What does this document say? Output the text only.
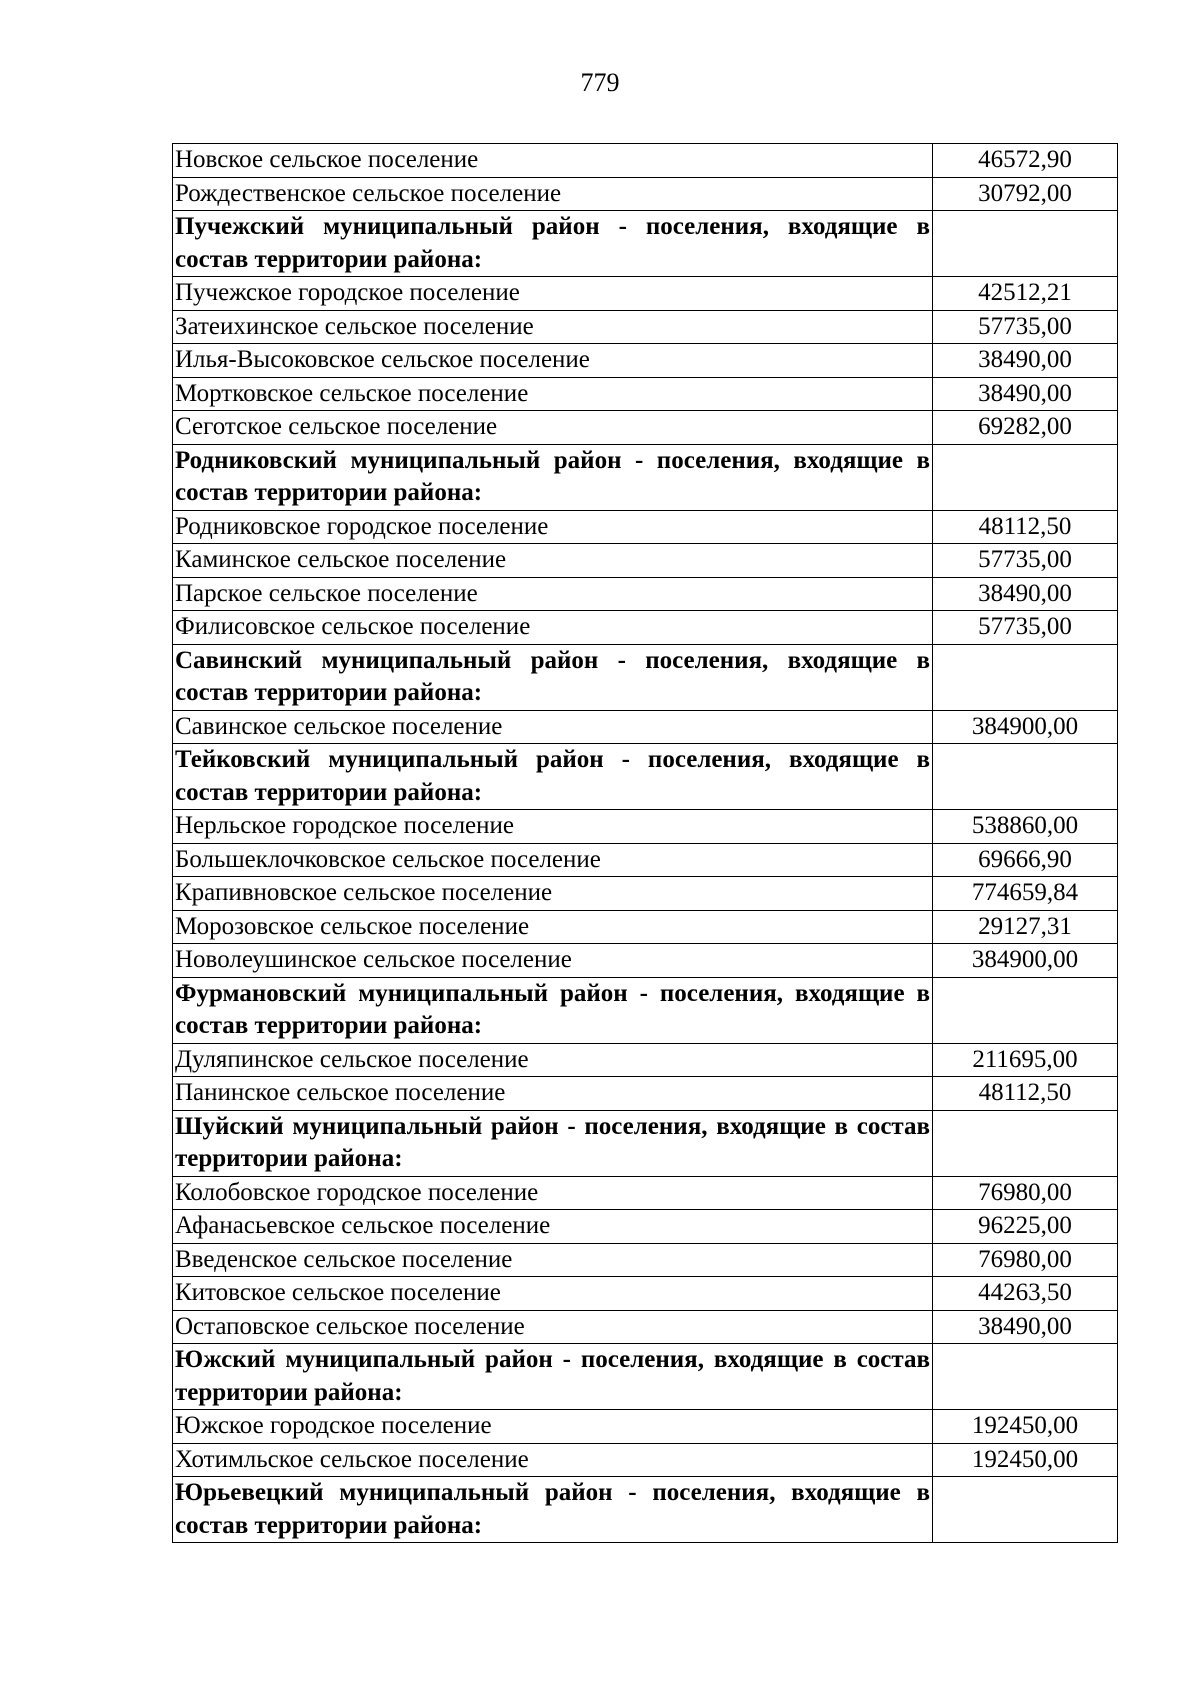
779
Новское сельское поселение	46572,90
Рождественское сельское поселение	30792,00
Пучежский муниципальный район - поселения, входящие в состав территории района:	
Пучежское городское поселение	42512,21
Затеихинское сельское поселение	57735,00
Илья-Высоковское сельское поселение	38490,00
Мортковское сельское поселение	38490,00
Сеготское сельское поселение	69282,00
Родниковский муниципальный район - поселения, входящие в состав территории района:	
Родниковское городское поселение	48112,50
Каминское сельское поселение	57735,00
Парское сельское поселение	38490,00
Филисовское сельское поселение	57735,00
Савинский муниципальный район - поселения, входящие в состав территории района:	
Савинское сельское поселение	384900,00
Тейковский муниципальный район - поселения, входящие в состав территории района:	
Нерльское городское поселение	538860,00
Большеклочковское сельское поселение	69666,90
Крапивновское сельское поселение	774659,84
Морозовское сельское поселение	29127,31
Новолеушинское сельское поселение	384900,00
Фурмановский муниципальный район - поселения, входящие в состав территории района:	
Дуляпинское сельское поселение	211695,00
Панинское сельское поселение	48112,50
Шуйский муниципальный район - поселения, входящие в состав территории района:	
Колобовское городское поселение	76980,00
Афанасьевское сельское поселение	96225,00
Введенское сельское поселение	76980,00
Китовское сельское поселение	44263,50
Остаповское сельское поселение	38490,00
Южский муниципальный район - поселения, входящие в состав территории района:	
Южское городское поселение	192450,00
Хотимльское сельское поселение	192450,00
Юрьевецкий муниципальный район - поселения, входящие в состав территории района:	
